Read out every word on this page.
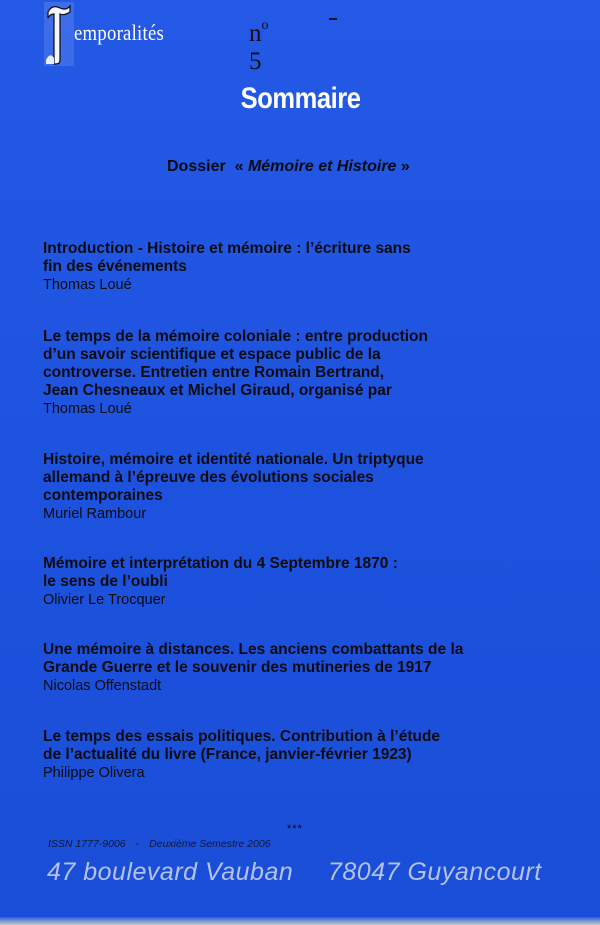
emporalités	$n^o$ 5
Sommaire
Dossier « Mémoire et Histoire »
Introduction - Histoire et mémoire : l’écriture sans
fin des événements
Thomas Loué
Le temps de la mémoire coloniale : entre production
d’un savoir scientifique et espace public de la
controverse. Entretien entre Romain Bertrand,
Jean Chesneaux et Michel Giraud, organisé par
Thomas Loué
Histoire, mémoire et identité nationale. Un triptyque
allemand à l’épreuve des évolutions sociales
contemporaines
Muriel Rambour
Mémoire et interprétation du 4 Septembre 1870 :
le sens de l’oubli
Olivier Le Trocquer
Une mémoire à distances. Les anciens combattants de la
Grande Guerre et le souvenir des mutineries de 1917
Nicolas Offenstadt
Le temps des essais politiques. Contribution à l’étude
de l’actualité du livre (France, janvier-février 1923)
Philippe Olivera
***
ISSN 1777-9006 - Deuxième Semestre 2006
47 boulevard Vauban 78047 Guyancourt
